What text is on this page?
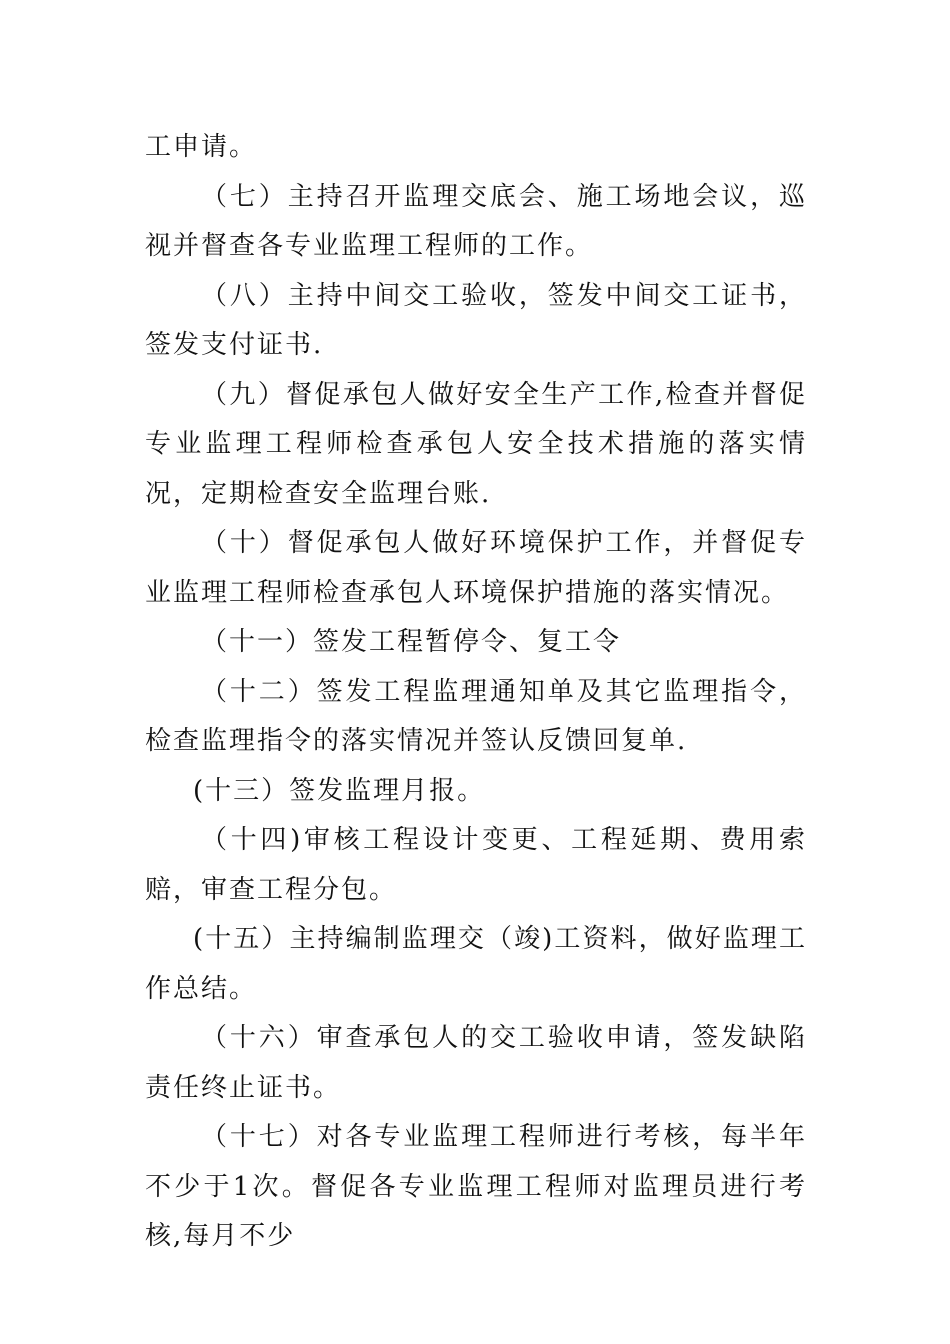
工申请。

（七）主持召开监理交底会、施工场地会议，巡视并督查各专业监理工程师的工作。

（八）主持中间交工验收，签发中间交工证书，签发支付证书.

（九）督促承包人做好安全生产工作,检查并督促专业监理工程师检查承包人安全技术措施的落实情况，定期检查安全监理台账.

（十）督促承包人做好环境保护工作，并督促专业监理工程师检查承包人环境保护措施的落实情况。

（十一）签发工程暂停令、复工令

（十二）签发工程监理通知单及其它监理指令，检查监理指令的落实情况并签认反馈回复单.

(十三）签发监理月报。

（十四)审核工程设计变更、工程延期、费用索赔，审查工程分包。

(十五）主持编制监理交（竣)工资料，做好监理工作总结。

（十六）审查承包人的交工验收申请，签发缺陷责任终止证书。

（十七）对各专业监理工程师进行考核，每半年不少于1次。督促各专业监理工程师对监理员进行考核,每月不少
